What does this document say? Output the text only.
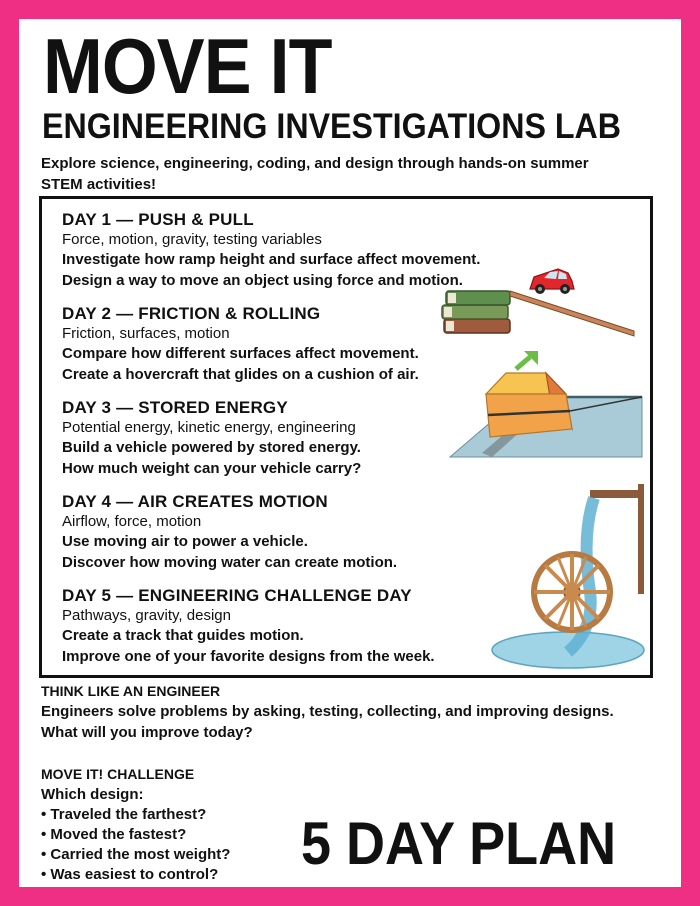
MOVE IT
ENGINEERING INVESTIGATIONS LAB
Explore science, engineering, coding, and design through hands-on summer
STEM activities!
DAY 1 — PUSH & PULL
Force, motion, gravity, testing variables
Investigate how ramp height and surface affect movement.
Design a way to move an object using force and motion.
DAY 2 — FRICTION & ROLLING
Friction, surfaces, motion
Compare how different surfaces affect movement.
Create a hovercraft that glides on a cushion of air.
DAY 3 — STORED ENERGY
Potential energy, kinetic energy, engineering
Build a vehicle powered by stored energy.
How much weight can your vehicle carry?
DAY 4 — AIR CREATES MOTION
Airflow, force, motion
Use moving air to power a vehicle.
Discover how moving water can create motion.
DAY 5 — ENGINEERING CHALLENGE DAY
Pathways, gravity, design
Create a track that guides motion.
Improve one of your favorite designs from the week.
THINK LIKE AN ENGINEER
Engineers solve problems by asking, testing, collecting, and improving designs.
What will you improve today?
MOVE IT! CHALLENGE
Which design:
• Traveled the farthest?
• Moved the fastest?
• Carried the most weight?
• Was easiest to control? 5 DAY PLAN
